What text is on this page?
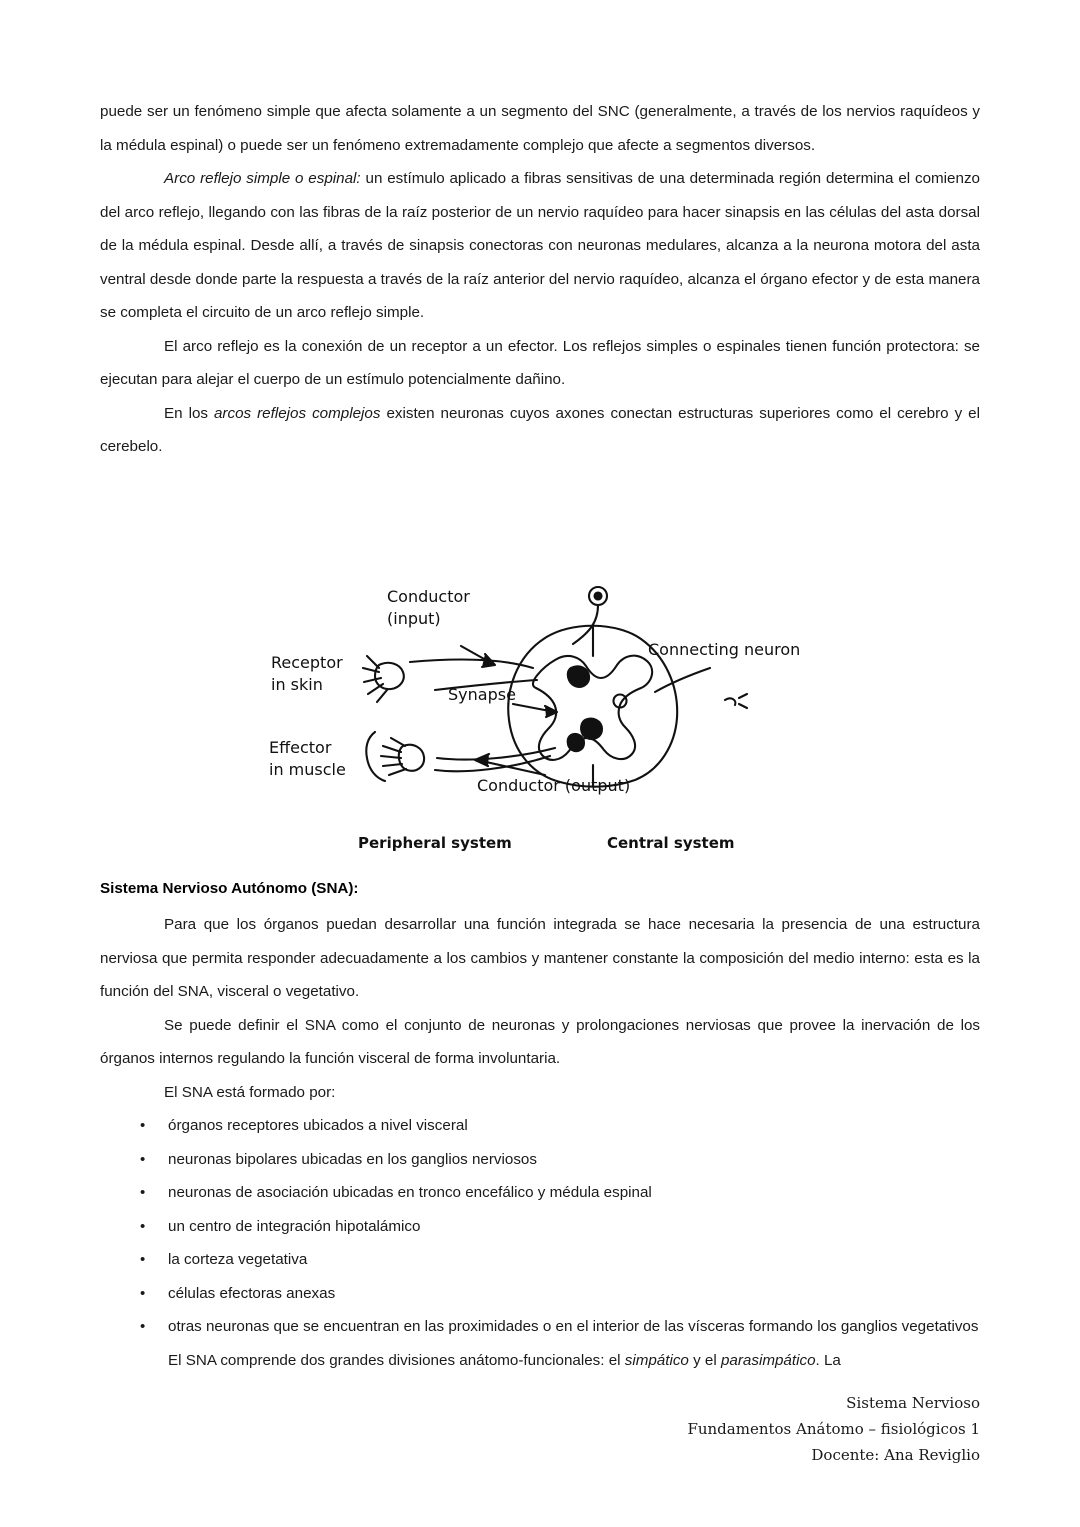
puede ser un fenómeno simple que afecta solamente a un segmento del SNC (generalmente, a través de los nervios raquídeos y la médula espinal) o puede ser un fenómeno extremadamente complejo que afecte a segmentos diversos.

Arco reflejo simple o espinal: un estímulo aplicado a fibras sensitivas de una determinada región determina el comienzo del arco reflejo, llegando con las fibras de la raíz posterior de un nervio raquídeo para hacer sinapsis en las células del asta dorsal de la médula espinal. Desde allí, a través de sinapsis conectoras con neuronas medulares, alcanza a la neurona motora del asta ventral desde donde parte la respuesta a través de la raíz anterior del nervio raquídeo, alcanza el órgano efector y de esta manera se completa el circuito de un arco reflejo simple.

El arco reflejo es la conexión de un receptor a un efector. Los reflejos simples o espinales tienen función protectora: se ejecutan para alejar el cuerpo de un estímulo potencialmente dañino.

En los arcos reflejos complejos existen neuronas cuyos axones conectan estructuras superiores como el cerebro y el cerebelo.

Conductor
(input)
Receptor
in skin
Synapse
Connecting neuron
Effector
in muscle
Conductor (output)
Peripheral system	Central system
Sistema Nervioso Autónomo (SNA):

Para que los órganos puedan desarrollar una función integrada se hace necesaria la presencia de una estructura nerviosa que permita responder adecuadamente a los cambios y mantener constante la composición del medio interno: esta es la función del SNA, visceral o vegetativo.

Se puede definir el SNA como el conjunto de neuronas y prolongaciones nerviosas que provee la inervación de los órganos internos regulando la función visceral de forma involuntaria.

El SNA está formado por:

• órganos receptores ubicados a nivel visceral
• neuronas bipolares ubicadas en los ganglios nerviosos
• neuronas de asociación ubicadas en tronco encefálico y médula espinal
• un centro de integración hipotalámico
• la corteza vegetativa
• células efectoras anexas
• otras neuronas que se encuentran en las proximidades o en el interior de las vísceras formando los ganglios vegetativos

El SNA comprende dos grandes divisiones anátomo-funcionales: el simpático y el parasimpático. La

Sistema Nervioso
Fundamentos Anátomo – fisiológicos 1
Docente: Ana Reviglio
